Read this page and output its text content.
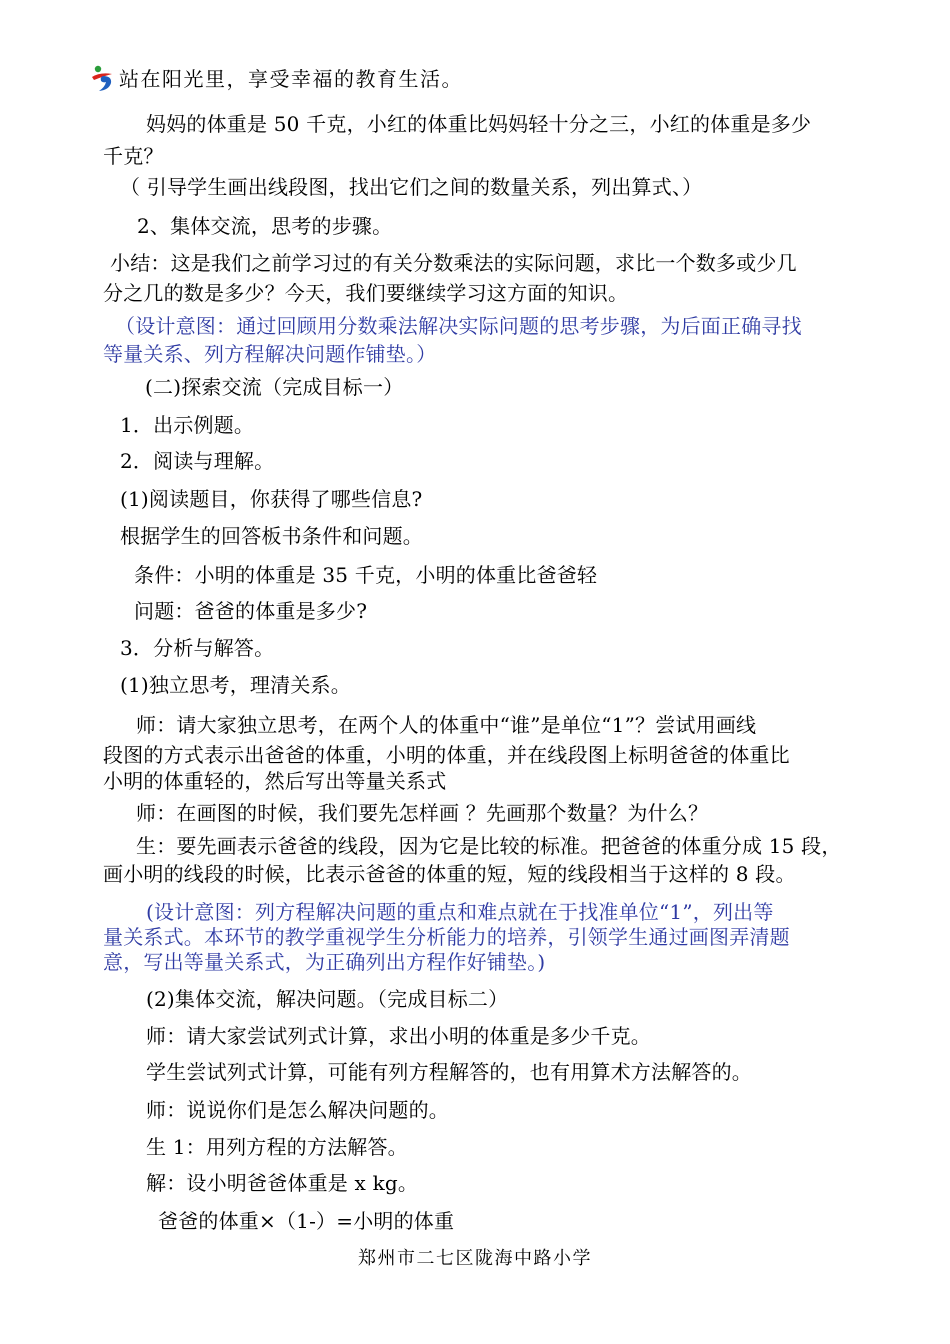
站在阳光里，享受幸福的教育生活。
妈妈的体重是 50 千克，小红的体重比妈妈轻十分之三，小红的体重是多少
千克？
（ 引导学生画出线段图，找出它们之间的数量关系，列出算式、）
2、集体交流，思考的步骤。
小结：这是我们之前学习过的有关分数乘法的实际问题，求比一个数多或少几
分之几的数是多少？今天，我们要继续学习这方面的知识。
（设计意图：通过回顾用分数乘法解决实际问题的思考步骤，为后面正确寻找
等量关系、列方程解决问题作铺垫。）
(二)探索交流（完成目标一）
1．出示例题。
2．阅读与理解。
(1)阅读题目，你获得了哪些信息?
根据学生的回答板书条件和问题。
条件：小明的体重是 35 千克，小明的体重比爸爸轻
问题：爸爸的体重是多少?
3．分析与解答。
(1)独立思考，理清关系。
师：请大家独立思考，在两个人的体重中“谁”是单位“1”？尝试用画线
段图的方式表示出爸爸的体重，小明的体重，并在线段图上标明爸爸的体重比
小明的体重轻的，然后写出等量关系式
师：在画图的时候，我们要先怎样画 ？先画那个数量？为什么？
生：要先画表示爸爸的线段，因为它是比较的标准。把爸爸的体重分成 15 段，
画小明的线段的时候，比表示爸爸的体重的短，短的线段相当于这样的 8 段。
(设计意图：列方程解决问题的重点和难点就在于找准单位“1”，列出等
量关系式。本环节的教学重视学生分析能力的培养，引领学生通过画图弄清题
意，写出等量关系式，为正确列出方程作好铺垫。)
(2)集体交流，解决问题。（完成目标二）
师：请大家尝试列式计算，求出小明的体重是多少千克。
学生尝试列式计算，可能有列方程解答的，也有用算术方法解答的。
师：说说你们是怎么解决问题的。
生 1：用列方程的方法解答。
解：设小明爸爸体重是 x kg。
爸爸的体重×（1-）=小明的体重
郑州市二七区陇海中路小学
